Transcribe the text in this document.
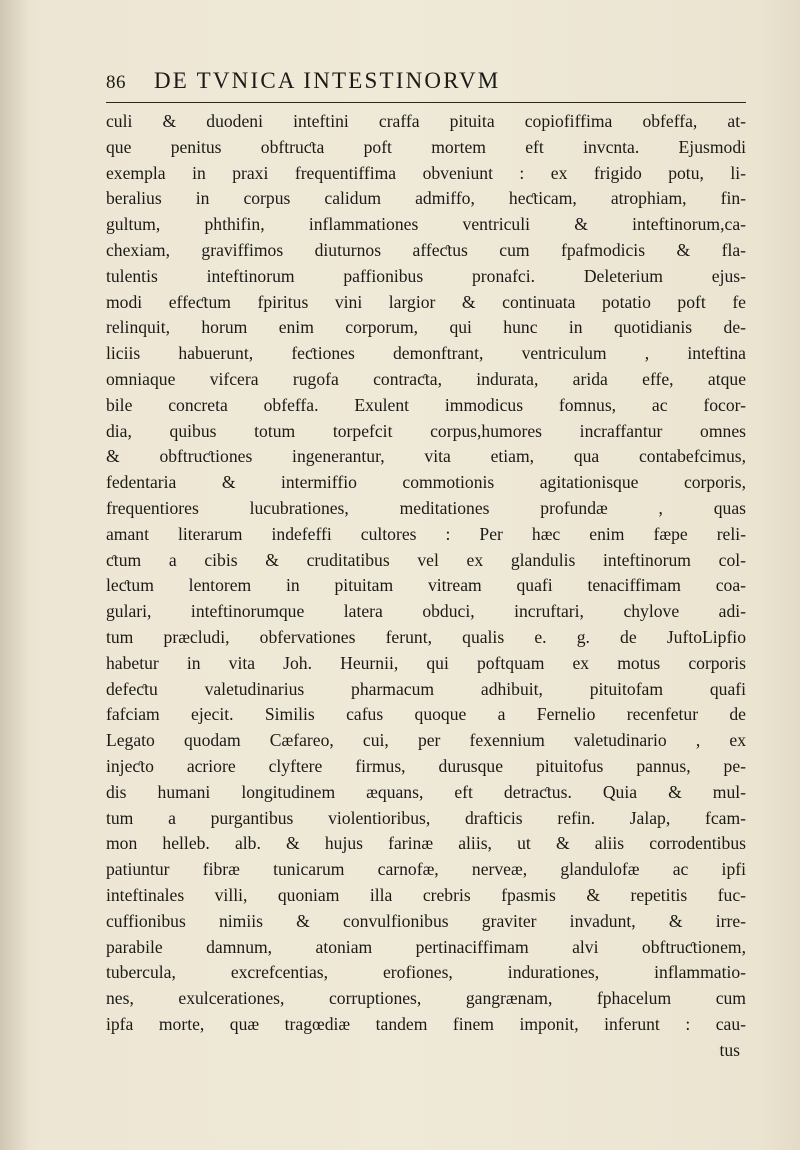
86	DE TVNICA INTESTINORVM
culi & duodeni inteftini craffa pituita copiofiffima obfeffa, at-
que penitus obftruƈta poft mortem eft invcnta. Ejusmodi
exempla in praxi frequentiffima obveniunt : ex frigido potu, li-
beralius in corpus calidum admiffo, heƈticam, atrophiam, fin-
gultum, phthifin, inflammationes ventriculi & inteftinorum,ca-
chexiam, graviffimos diuturnos affeƈtus cum fpafmodicis & fla-
tulentis inteftinorum paffionibus pronafci. Deleterium ejus-
modi effeƈtum fpiritus vini largior & continuata potatio poft fe
relinquit, horum enim corporum, qui hunc in quotidianis de-
liciis habuerunt, feƈtiones demonftrant, ventriculum , inteftina
omniaque vifcera rugofa contraƈta, indurata, arida effe, atque
bile concreta obfeffa. Exulent immodicus fomnus, ac focor-
dia, quibus totum torpefcit corpus,humores incraffantur omnes
& obftruƈtiones ingenerantur, vita etiam, qua contabefcimus,
fedentaria & intermiffio commotionis agitationisque corporis,
frequentiores lucubrationes, meditationes profundæ , quas
amant literarum indefeffi cultores : Per hæc enim fæpe reli-
ƈtum a cibis & cruditatibus vel ex glandulis inteftinorum col-
leƈtum lentorem in pituitam vitream quafi tenaciffimam coa-
gulari, inteftinorumque latera obduci, incruftari, chylove adi-
tum præcludi, obfervationes ferunt, qualis e. g. de JuftoLipfio
habetur in vita Joh. Heurnii, qui poftquam ex motus corporis
defeƈtu valetudinarius pharmacum adhibuit, pituitofam quafi
fafciam ejecit. Similis cafus quoque a Fernelio recenfetur de
Legato quodam Cæfareo, cui, per fexennium valetudinario , ex
injeƈto acriore clyftere firmus, durusque pituitofus pannus, pe-
dis humani longitudinem æquans, eft detraƈtus. Quia & mul-
tum a purgantibus violentioribus, drafticis refin. Jalap, fcam-
mon helleb. alb. & hujus farinæ aliis, ut & aliis corrodentibus
patiuntur fibræ tunicarum carnofæ, nerveæ, glandulofæ ac ipfi
inteftinales villi, quoniam illa crebris fpasmis & repetitis fuc-
cuffionibus nimiis & convulfionibus graviter invadunt, & irre-
parabile damnum, atoniam pertinaciffimam alvi obftruƈtionem,
tubercula, excrefcentias, erofiones, indurationes, inflammatio-
nes, exulcerationes, corruptiones, gangrænam, fphacelum cum
ipfa morte, quæ tragœdiæ tandem finem imponit, inferunt : cau-
tus
